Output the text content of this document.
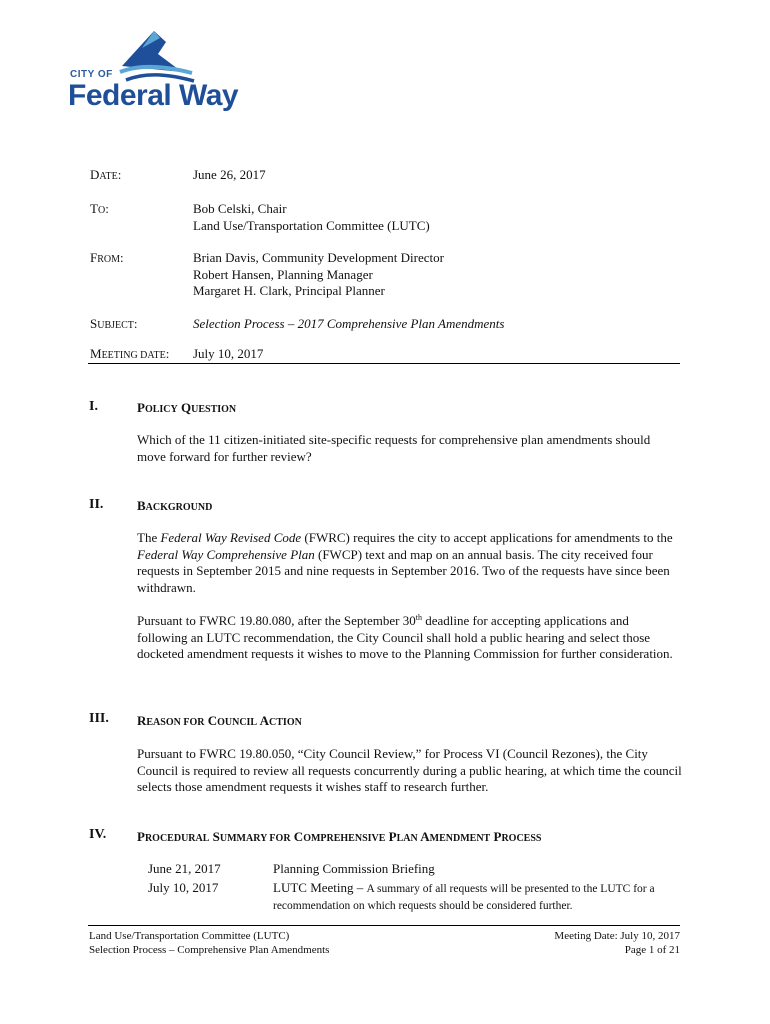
CITY OF
Federal Way
DATE:	June 26, 2017
TO:	Bob Celski, Chair
Land Use/Transportation Committee (LUTC)
FROM:	Brian Davis, Community Development Director
Robert Hansen, Planning Manager
Margaret H. Clark, Principal Planner
SUBJECT:	Selection Process – 2017 Comprehensive Plan Amendments
MEETING DATE: July 10, 2017
I.	POLICY QUESTION
Which of the 11 citizen-initiated site-specific requests for comprehensive plan amendments should move forward for further review?
II.	BACKGROUND
The Federal Way Revised Code (FWRC) requires the city to accept applications for amendments to the Federal Way Comprehensive Plan (FWCP) text and map on an annual basis. The city received four requests in September 2015 and nine requests in September 2016. Two of the requests have since been withdrawn.
Pursuant to FWRC 19.80.080, after the September 30th deadline for accepting applications and following an LUTC recommendation, the City Council shall hold a public hearing and select those docketed amendment requests it wishes to move to the Planning Commission for further consideration.
III. REASON FOR COUNCIL ACTION
Pursuant to FWRC 19.80.050, “City Council Review,” for Process VI (Council Rezones), the City Council is required to review all requests concurrently during a public hearing, at which time the council selects those amendment requests it wishes staff to research further.
IV. PROCEDURAL SUMMARY FOR COMPREHENSIVE PLAN AMENDMENT PROCESS
June 21, 2017	Planning Commission Briefing
July 10, 2017	LUTC Meeting – A summary of all requests will be presented to the LUTC for a recommendation on which requests should be considered further.
Land Use/Transportation Committee (LUTC)
Selection Process – Comprehensive Plan Amendments
Meeting Date: July 10, 2017
Page 1 of 21
